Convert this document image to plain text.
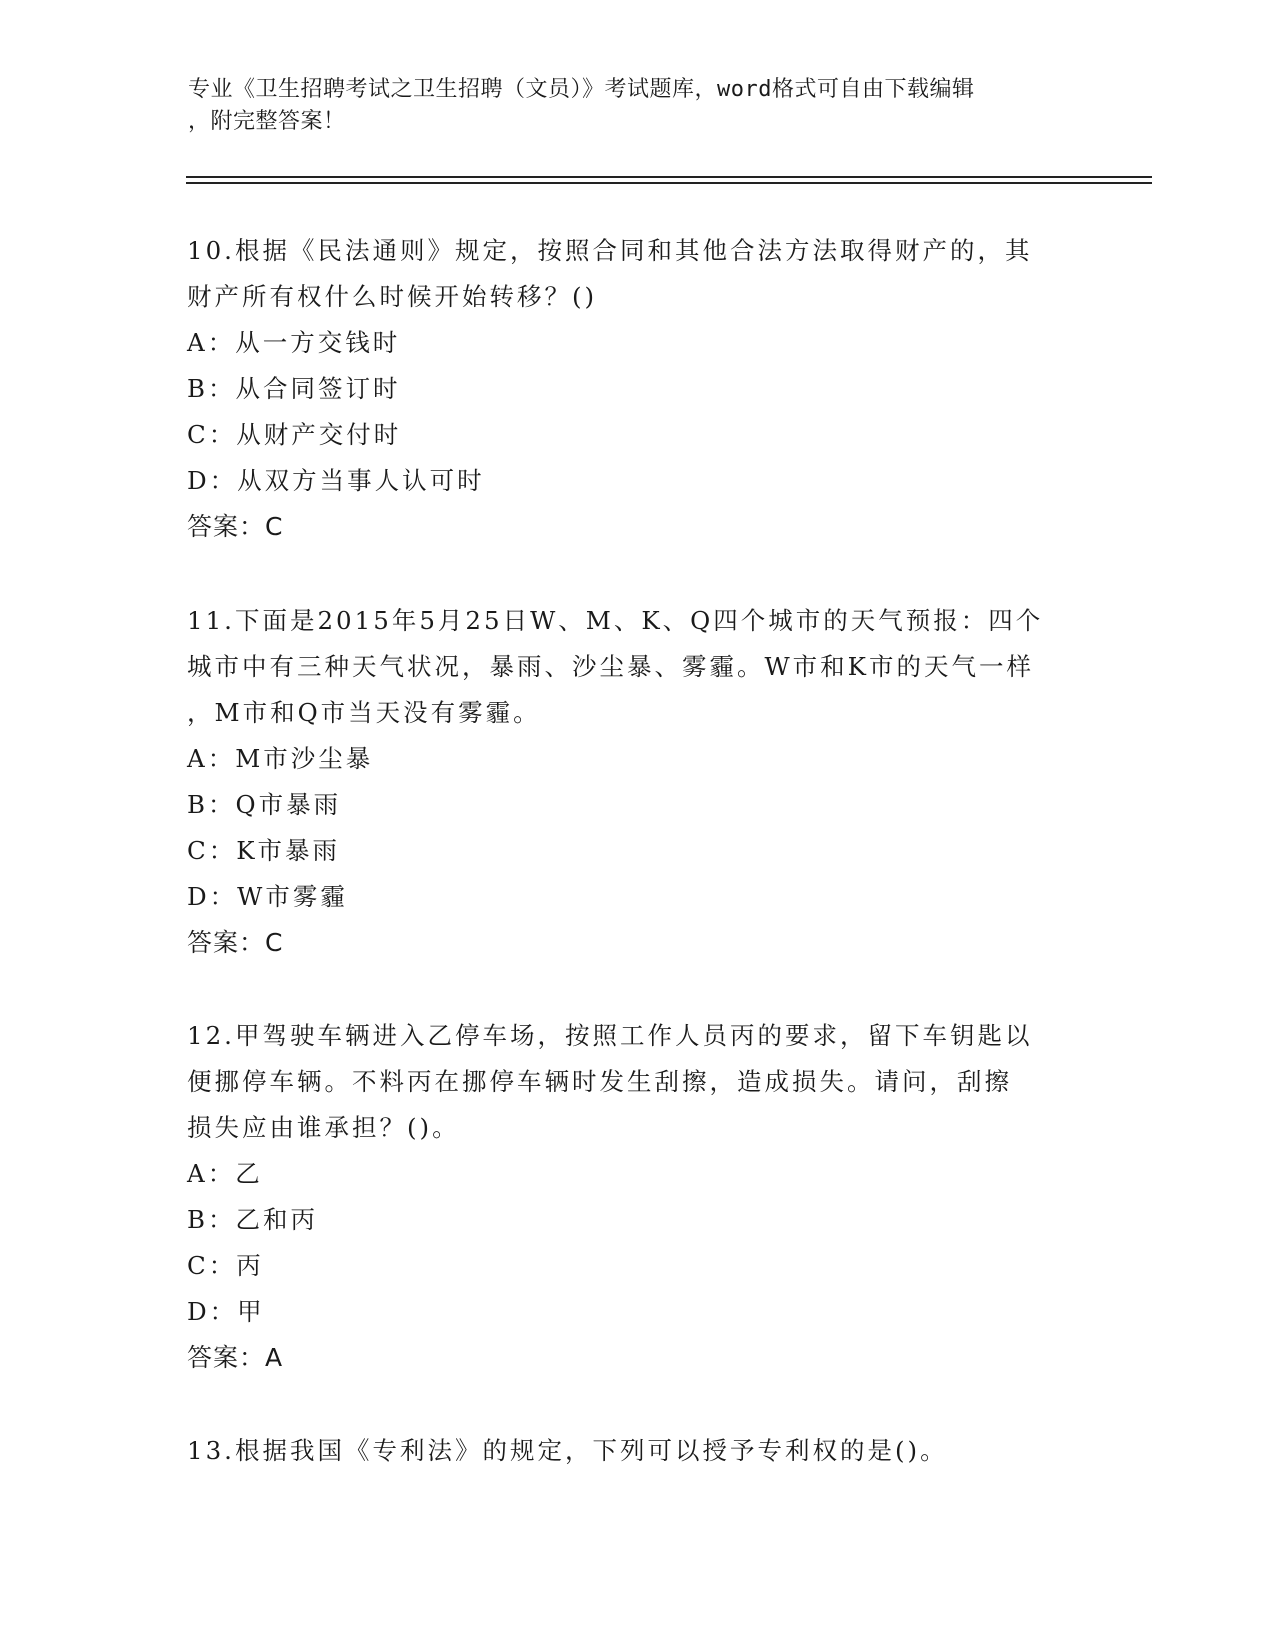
专业《卫生招聘考试之卫生招聘（文员）》考试题库，word格式可自由下载编辑
，附完整答案！
10.根据《民法通则》规定，按照合同和其他合法方法取得财产的，其
财产所有权什么时候开始转移？()
A：从一方交钱时
B：从合同签订时
C：从财产交付时
D：从双方当事人认可时
答案：C
11.下面是2015年5月25日W、M、K、Q四个城市的天气预报：四个
城市中有三种天气状况，暴雨、沙尘暴、雾霾。W市和K市的天气一样
，M市和Q市当天没有雾霾。
A：M市沙尘暴
B：Q市暴雨
C：K市暴雨
D：W市雾霾
答案：C
12.甲驾驶车辆进入乙停车场，按照工作人员丙的要求，留下车钥匙以
便挪停车辆。不料丙在挪停车辆时发生刮擦，造成损失。请问，刮擦
损失应由谁承担？()。
A：乙
B：乙和丙
C：丙
D：甲
答案：A
13.根据我国《专利法》的规定，下列可以授予专利权的是()。
